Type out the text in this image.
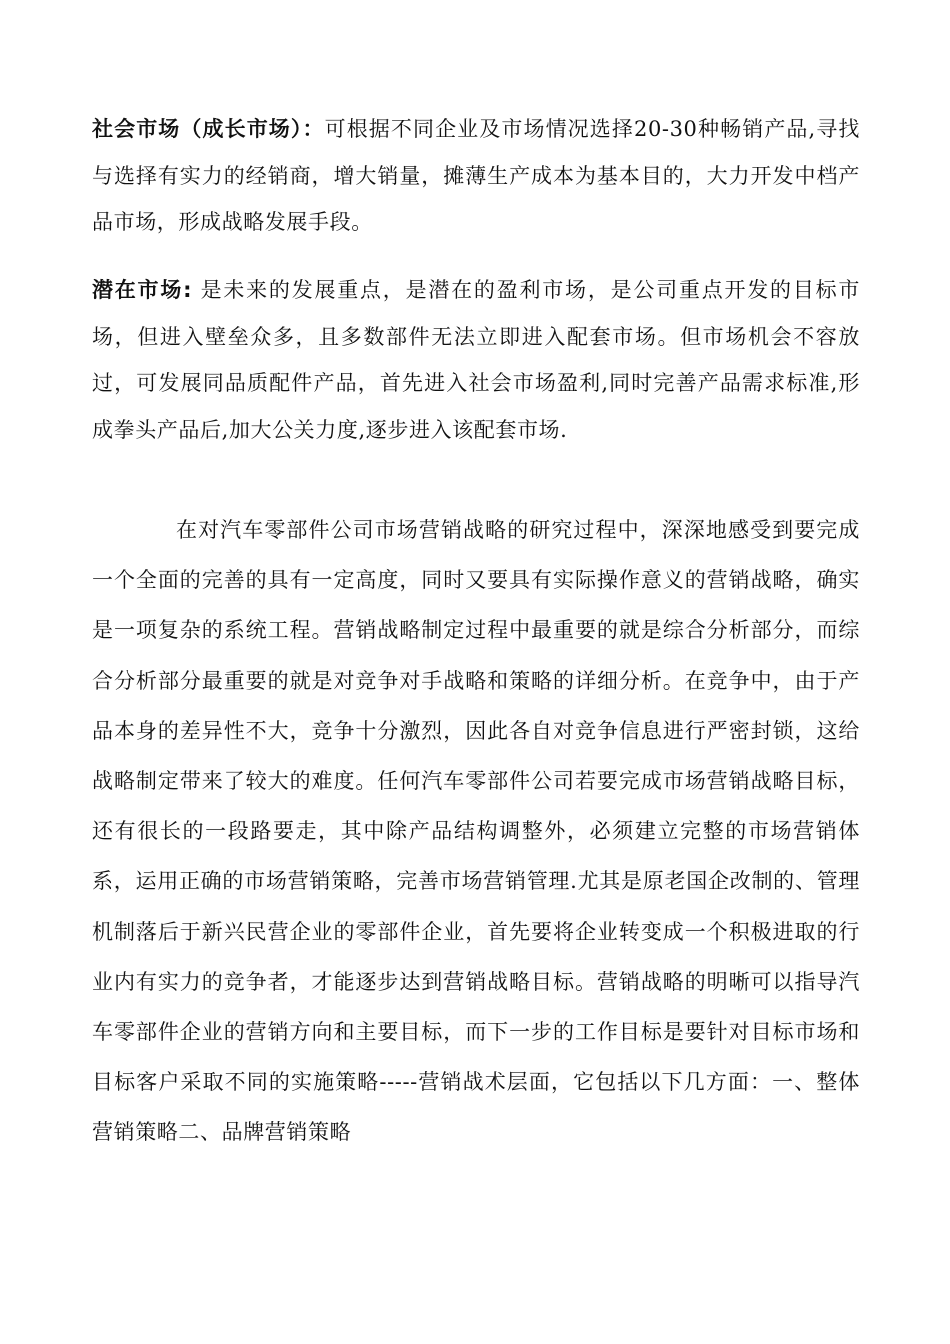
社会市场（成长市场）：可根据不同企业及市场情况选择20-30种畅销产品,寻找与选择有实力的经销商，增大销量，摊薄生产成本为基本目的，大力开发中档产品市场，形成战略发展手段。

潜在市场: 是未来的发展重点，是潜在的盈利市场，是公司重点开发的目标市场，但进入壁垒众多，且多数部件无法立即进入配套市场。但市场机会不容放过，可发展同品质配件产品，首先进入社会市场盈利,同时完善产品需求标准,形成拳头产品后,加大公关力度,逐步进入该配套市场.

在对汽车零部件公司市场营销战略的研究过程中，深深地感受到要完成一个全面的完善的具有一定高度，同时又要具有实际操作意义的营销战略，确实是一项复杂的系统工程。营销战略制定过程中最重要的就是综合分析部分，而综合分析部分最重要的就是对竞争对手战略和策略的详细分析。在竞争中，由于产品本身的差异性不大，竞争十分激烈，因此各自对竞争信息进行严密封锁，这给战略制定带来了较大的难度。任何汽车零部件公司若要完成市场营销战略目标，还有很长的一段路要走，其中除产品结构调整外，必须建立完整的市场营销体系，运用正确的市场营销策略，完善市场营销管理.尤其是原老国企改制的、管理机制落后于新兴民营企业的零部件企业，首先要将企业转变成一个积极进取的行业内有实力的竞争者，才能逐步达到营销战略目标。营销战略的明晰可以指导汽车零部件企业的营销方向和主要目标，而下一步的工作目标是要针对目标市场和目标客户采取不同的实施策略-----营销战术层面，它包括以下几方面：一、整体营销策略二、品牌营销策略
